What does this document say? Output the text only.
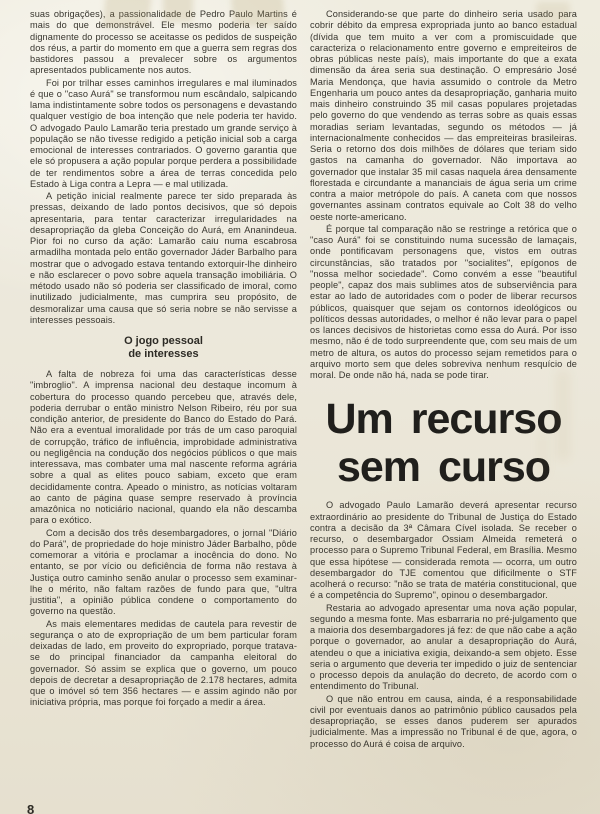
suas obrigações), a passionalidade de Pedro Paulo Martins é mais do que demonstrável. Ele mesmo poderia ter saído dignamente do processo se aceitasse os pedidos de suspeição dos réus, a partir do momento em que a guerra sem regras dos bastidores passou a prevalecer sobre os argumentos apresentados publicamente nos autos.

Foi por trilhar esses caminhos irregulares e mal iluminados é que o "caso Aurá" se transformou num escândalo, salpicando lama indistintamente sobre todos os personagens e devastando qualquer vestígio de boa intenção que nele poderia ter havido. O advogado Paulo Lamarão teria prestado um grande serviço à população se não tivesse redigido a petição inicial sob a carga emocional de interesses contrariados. O governo garantia que ele só propusera a ação popular porque perdera a possibilidade de ter rendimentos sobre a área de terras concedida pelo Estado à Liga contra a Lepra — e mal utilizada.

A petição inicial realmente parece ter sido preparada às pressas, deixando de lado pontos decisivos, que só depois apresentaria, para tentar caracterizar irregularidades na desapropriação da gleba Conceição do Aurá, em Ananindeua. Pior foi no curso da ação: Lamarão caiu numa escabrosa armadilha montada pelo então governador Jáder Barbalho para mostrar que o advogado estava tentando extorquir-lhe dinheiro e não esclarecer o povo sobre aquela transação imobiliária. O método usado não só poderia ser classificado de imoral, como inutilizado judicialmente, mas cumprira seu propósito, de desmoralizar uma causa que só seria nobre se não servisse a interesses pessoais.

O jogo pessoal
de interesses

A falta de nobreza foi uma das características desse "imbroglio". A imprensa nacional deu destaque incomum à cobertura do processo quando percebeu que, através dele, poderia derrubar o então ministro Nelson Ribeiro, réu por sua condição anterior, de presidente do Banco do Estado do Pará. Não era a eventual imoralidade por trás de um caso paroquial de corrupção, tráfico de influência, improbidade administrativa ou negligência na condução dos negócios públicos o que mais interessava, mas combater uma mal nascente reforma agrária sobre a qual as elites pouco sabiam, exceto que eram decididamente contra. Apeado o ministro, as notícias voltaram ao canto de página quase sempre reservado à província amazônica no noticiário nacional, quando ela não descamba para o exótico.

Com a decisão dos três desembargadores, o jornal "Diário do Pará", de propriedade do hoje ministro Jáder Barbalho, pôde comemorar a vitória e proclamar a inocência do dono. No entanto, se por vício ou deficiência de forma não restava à Justiça outro caminho senão anular o processo sem examinar-lhe o mérito, não faltam razões de fundo para que, "ultra justitia", a opinião pública condene o comportamento do governo na questão.

As mais elementares medidas de cautela para revestir de segurança o ato de expropriação de um bem particular foram deixadas de lado, em proveito do expropriado, porque tratava-se do principal financiador da campanha eleitoral do governador. Só assim se explica que o governo, um pouco depois de decretar a desapropriação de 2.178 hectares, admita que o imóvel só tem 356 hectares — e assim agindo não por iniciativa própria, mas porque foi forçado a medir a área.

Considerando-se que parte do dinheiro seria usado para cobrir débito da empresa expropriada junto ao banco estadual (dívida que tem muito a ver com a promiscuidade que caracteriza o relacionamento entre governo e empreiteiros de obras públicas neste país), mais importante do que a exata dimensão da área seria sua destinação. O empresário José Maria Mendonça, que havia assumido o controle da Metro Engenharia um pouco antes da desapropriação, ganharia muito mais dinheiro construindo 35 mil casas populares projetadas pelo governo do que vendendo as terras sobre as quais essas moradias seriam levantadas, segundo os métodos — já internacionalmente conhecidos — das empreiteiras brasileiras. Seria o retorno dos dois milhões de dólares que teriam sido gastos na camanha do governador. Não importava ao governador que instalar 35 mil casas naquela área densamente florestada e circundante a mananciais de água seria um crime contra a maior metrópole do país. A caneta com que nossos governantes assinam contratos equivale ao Colt 38 do velho oeste norte-americano.

É porque tal comparação não se restringe a retórica que o "caso Aurá" foi se constituindo numa sucessão de lamaçais, onde pontificavam personagens que, vistos em outras circunstâncias, são tratados por "socialites", epígonos de "nossa melhor sociedade". Como convém a esse "beautiful people", capaz dos mais sublimes atos de subserviência para estar ao lado de autoridades com o poder de liberar recursos públicos, quaisquer que sejam os contornos ideológicos ou políticos dessas autoridades, o melhor é não levar para o papel os lances decisivos de historietas como essa do Aurá. Por isso mesmo, não é de todo surpreendente que, com seu mais de um metro de altura, os autos do processo sejam remetidos para o arquivo morto sem que deles sobreviva nenhum resquício de moral. De onde não há, nada se pode tirar.

Um recurso
sem curso

O advogado Paulo Lamarão deverá apresentar recurso extraordinário ao presidente do Tribunal de Justiça do Estado contra a decisão da 3ª Câmara Cível isolada. Se receber o recurso, o desembargador Ossiam Almeida remeterá o processo para o Supremo Tribunal Federal, em Brasília. Mesmo que essa hipótese — considerada remota — ocorra, um outro desembargador do TJE comentou que dificilmente o STF acolherá o recurso: "não se trata de matéria constitucional, que é a competência do Supremo", opinou o desembargador.

Restaria ao advogado apresentar uma nova ação popular, segundo a mesma fonte. Mas esbarraria no pré-julgamento que a maioria dos desembargadores já fez: de que não cabe a ação porque o governador, ao anular a desapropriação do Aurá, atendeu o que a iniciativa exigia, deixando-a sem objeto. Esse seria o argumento que deveria ter impedido o juiz de sentenciar o processo depois da anulação do decreto, de acordo com o entendimento do Tribunal.

O que não entrou em causa, ainda, é a responsabilidade civil por eventuais danos ao patrimônio público causados pela desapropriação, se esses danos puderem ser apurados judicialmente. Mas a impressão no Tribunal é de que, agora, o processo do Aurá é coisa de arquivo.

8
